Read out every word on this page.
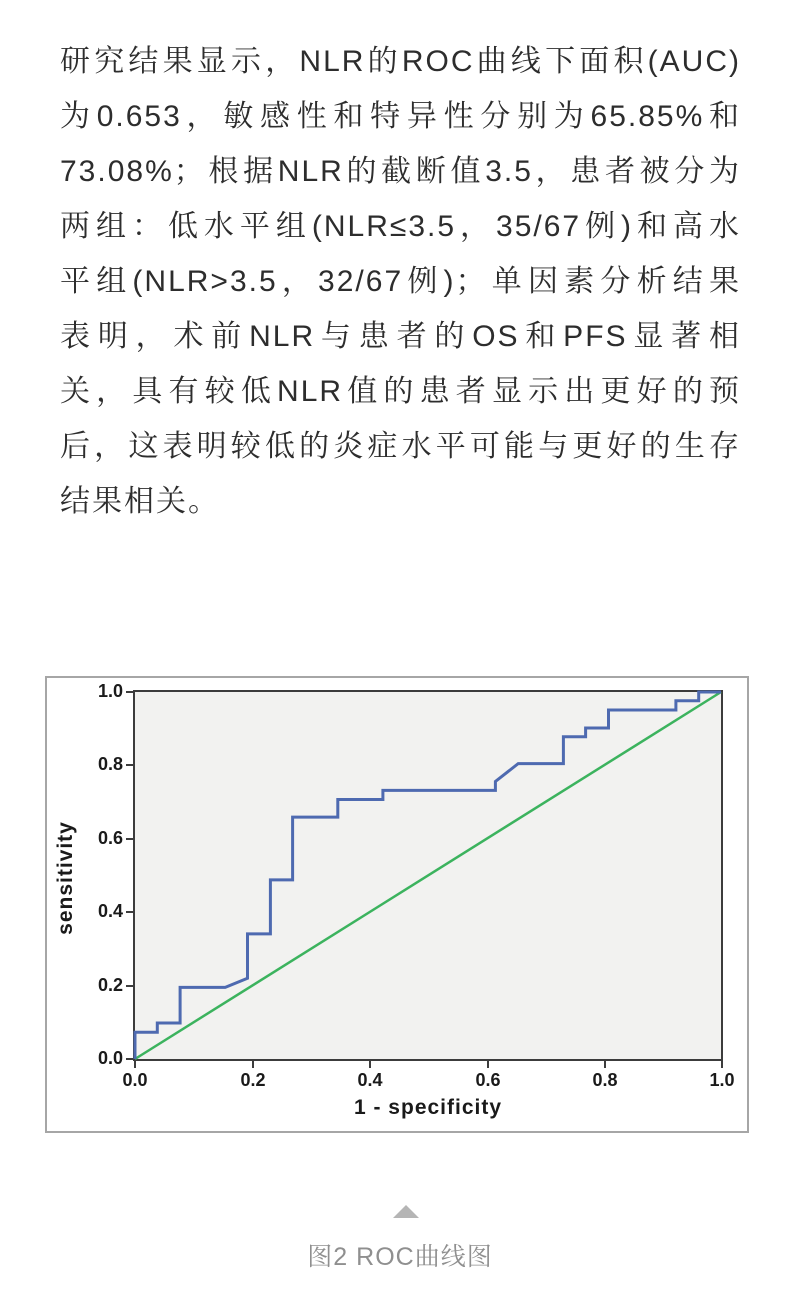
研究结果显示，NLR的ROC曲线下面积(AUC)
为0.653，敏感性和特异性分别为65.85%和
73.08%；根据NLR的截断值3.5，患者被分为
两组：低水平组(NLR≤3.5，35/67例)和高水
平组(NLR>3.5，32/67例)；单因素分析结果
表明，术前NLR与患者的OS和PFS显著相
关，具有较低NLR值的患者显示出更好的预
后，这表明较低的炎症水平可能与更好的生存
结果相关。
1.0
0.8
0.6
0.4
0.2
0.0
0.0	0.2	0.4	0.6	0.8	1.0
1 - specificity
sensitivity
图2 ROC曲线图
